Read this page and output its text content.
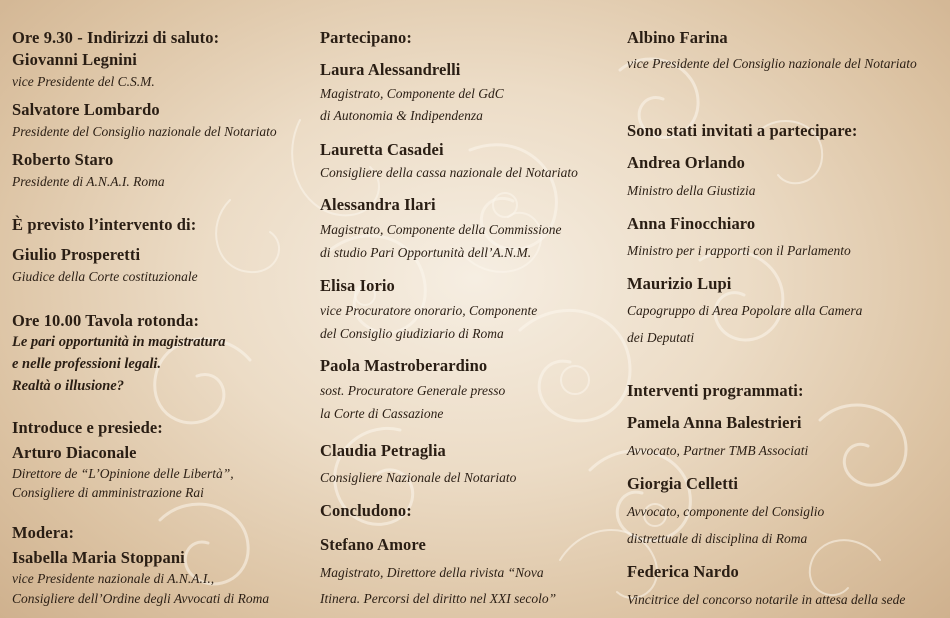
Ore 9.30 - Indirizzi di saluto:
Giovanni Legnini
vice Presidente del C.S.M.
Salvatore Lombardo
Presidente del Consiglio nazionale del Notariato
Roberto Staro
Presidente di A.N.A.I. Roma
È previsto l’intervento di:
Giulio Prosperetti
Giudice della Corte costituzionale
Ore 10.00 Tavola rotonda:
Le pari opportunità in magistratura
e nelle professioni legali.
Realtà o illusione?
Introduce e presiede:
Arturo Diaconale
Direttore de “L’Opinione delle Libertà”,
Consigliere di amministrazione Rai
Modera:
Isabella Maria Stoppani
vice Presidente nazionale di A.N.A.I.,
Consigliere dell’Ordine degli Avvocati di Roma
Partecipano:
Laura Alessandrelli
Magistrato, Componente del GdC
di Autonomia & Indipendenza
Lauretta Casadei
Consigliere della cassa nazionale del Notariato
Alessandra Ilari
Magistrato, Componente della Commissione
di studio Pari Opportunità dell’A.N.M.
Elisa Iorio
vice Procuratore onorario, Componente
del Consiglio giudiziario di Roma
Paola Mastroberardino
sost. Procuratore Generale presso
la Corte di Cassazione
Claudia Petraglia
Consigliere Nazionale del Notariato
Concludono:
Stefano Amore
Magistrato, Direttore della rivista “Nova
Itinera. Percorsi del diritto nel XXI secolo”
Albino Farina
vice Presidente del Consiglio nazionale del Notariato
Sono stati invitati a partecipare:
Andrea Orlando
Ministro della Giustizia
Anna Finocchiaro
Ministro per i rapporti con il Parlamento
Maurizio Lupi
Capogruppo di Area Popolare alla Camera
dei Deputati
Interventi programmati:
Pamela Anna Balestrieri
Avvocato, Partner TMB Associati
Giorgia Celletti
Avvocato, componente del Consiglio
distrettuale di disciplina di Roma
Federica Nardo
Vincitrice del concorso notarile in attesa della sede
